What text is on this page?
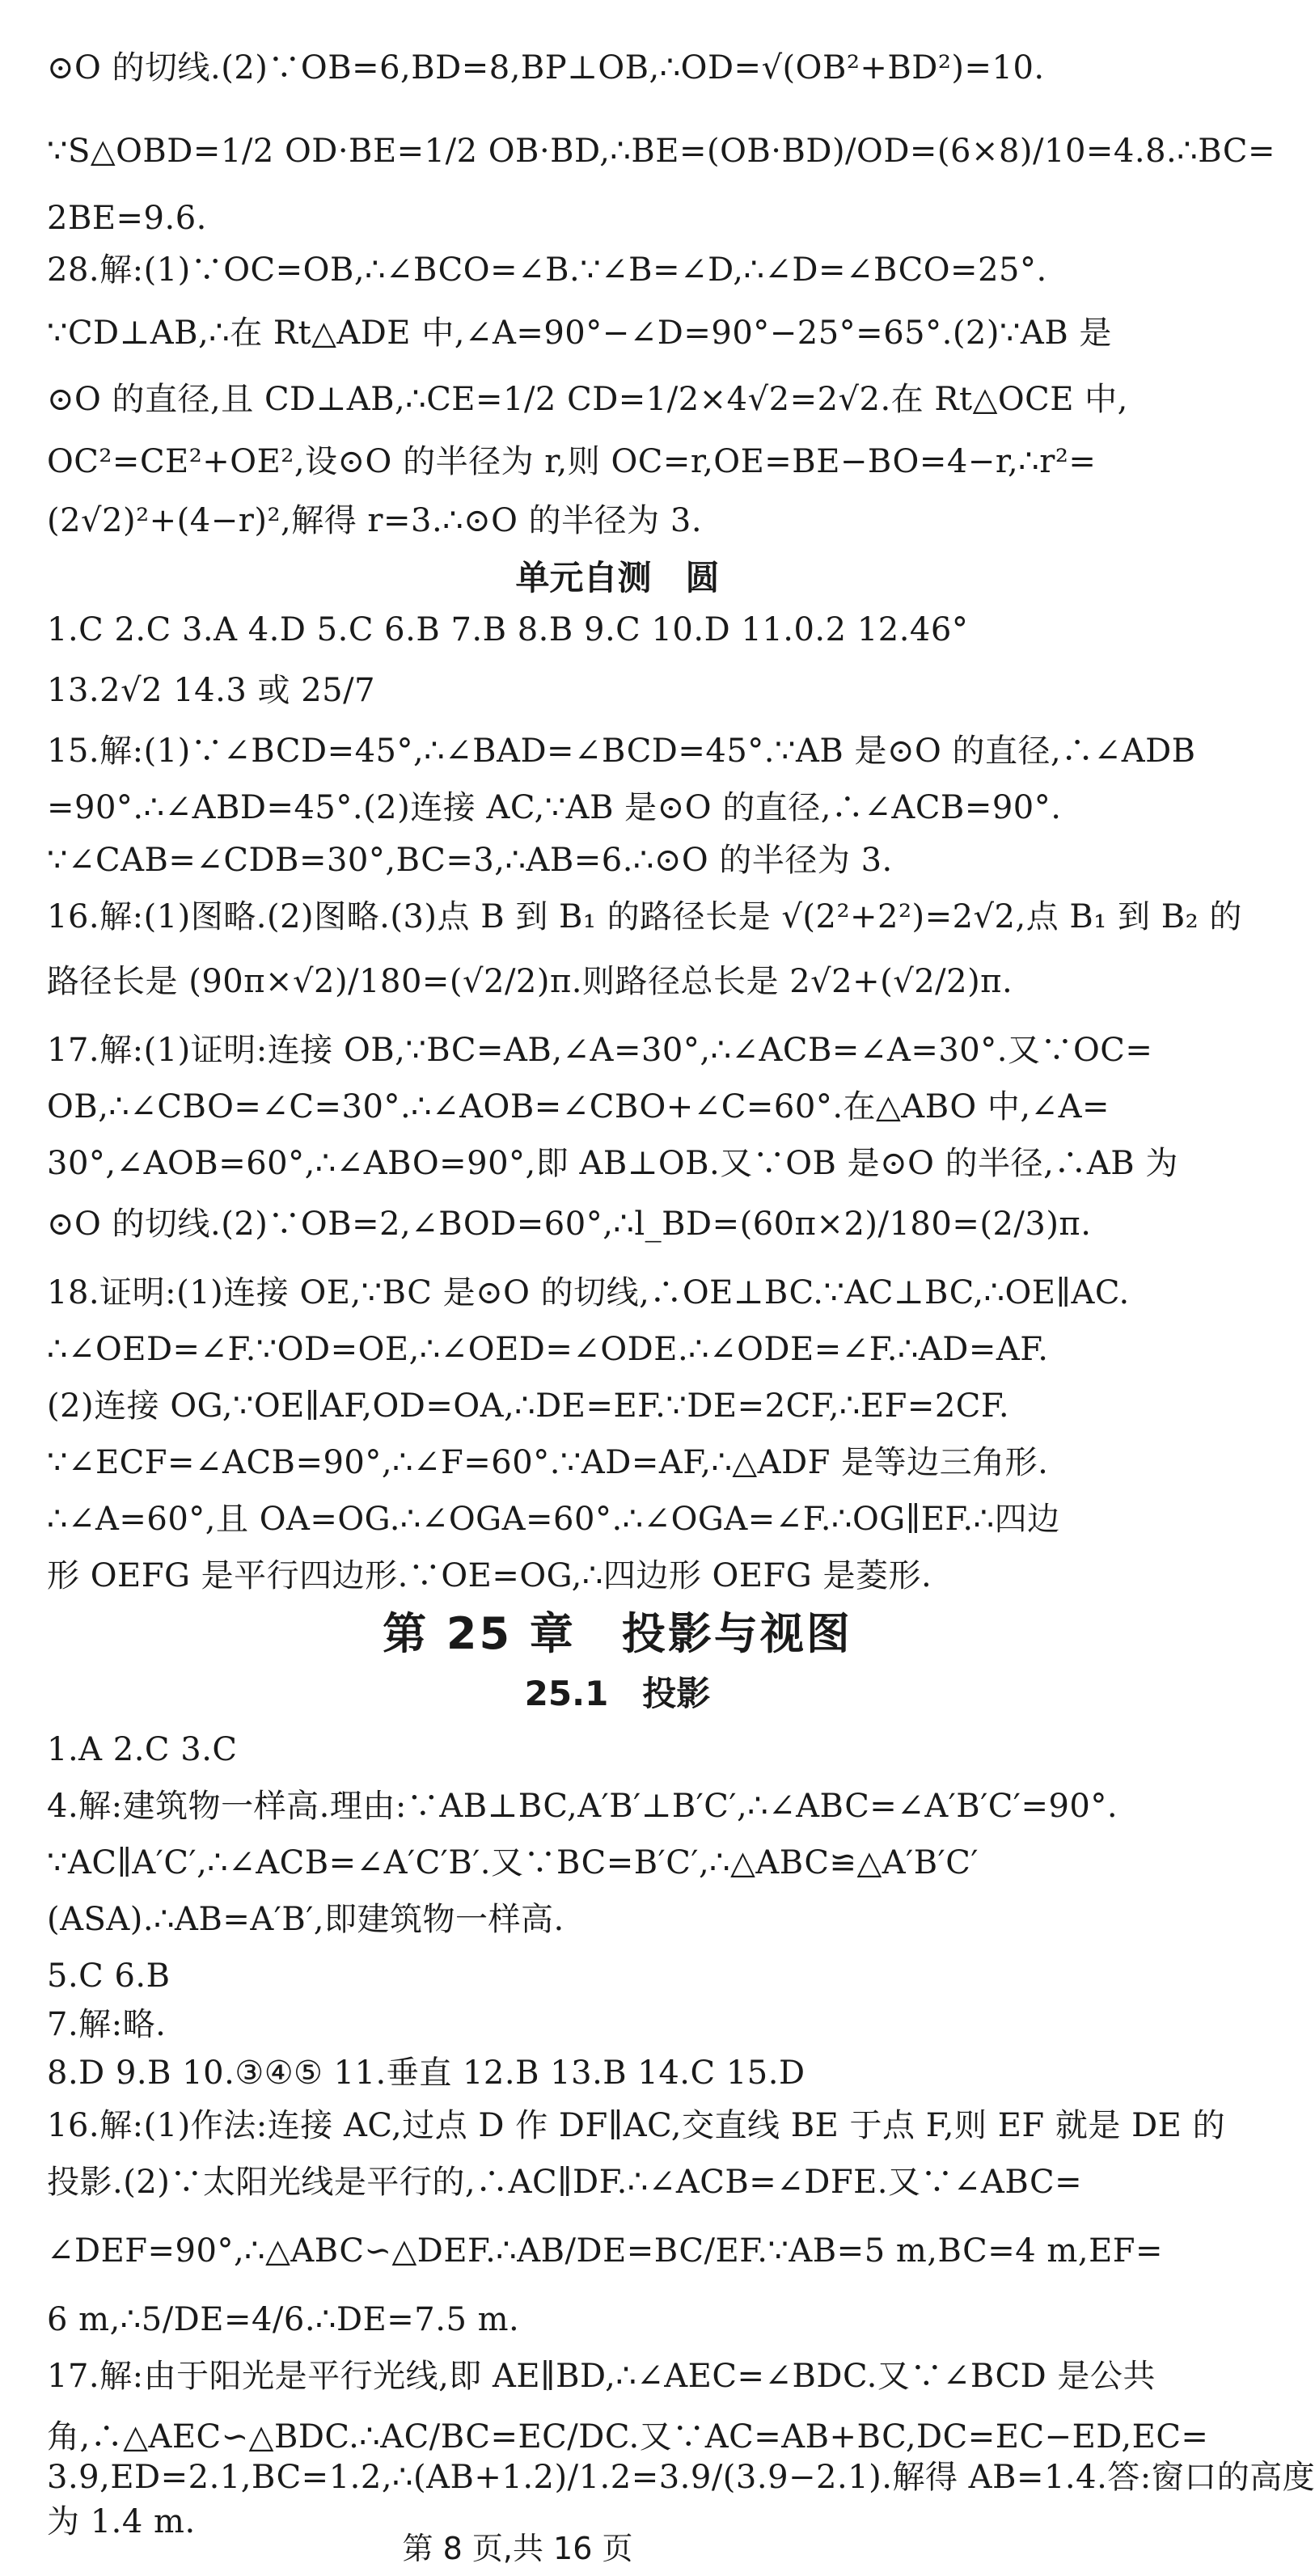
⊙O 的切线.(2)∵OB=6,BD=8,BP⊥OB,∴OD=√(OB²+BD²)=10.
∵S△OBD=1/2 OD·BE=1/2 OB·BD,∴BE=(OB·BD)/OD=(6×8)/10=4.8.∴BC=
2BE=9.6.
28.解:(1)∵OC=OB,∴∠BCO=∠B.∵∠B=∠D,∴∠D=∠BCO=25°.
∵CD⊥AB,∴在 Rt△ADE 中,∠A=90°−∠D=90°−25°=65°.(2)∵AB 是
⊙O 的直径,且 CD⊥AB,∴CE=1/2 CD=1/2×4√2=2√2.在 Rt△OCE 中,
OC²=CE²+OE²,设⊙O 的半径为 r,则 OC=r,OE=BE−BO=4−r,∴r²=
(2√2)²+(4−r)²,解得 r=3.∴⊙O 的半径为 3.
单元自测　圆
1.C 2.C 3.A 4.D 5.C 6.B 7.B 8.B 9.C 10.D 11.0.2 12.46°
13.2√2 14.3 或 25/7
15.解:(1)∵∠BCD=45°,∴∠BAD=∠BCD=45°.∵AB 是⊙O 的直径,∴∠ADB
=90°.∴∠ABD=45°.(2)连接 AC,∵AB 是⊙O 的直径,∴∠ACB=90°.
∵∠CAB=∠CDB=30°,BC=3,∴AB=6.∴⊙O 的半径为 3.
16.解:(1)图略.(2)图略.(3)点 B 到 B₁ 的路径长是 √(2²+2²)=2√2,点 B₁ 到 B₂ 的
路径长是 (90π×√2)/180=(√2/2)π.则路径总长是 2√2+(√2/2)π.
17.解:(1)证明:连接 OB,∵BC=AB,∠A=30°,∴∠ACB=∠A=30°.又∵OC=
OB,∴∠CBO=∠C=30°.∴∠AOB=∠CBO+∠C=60°.在△ABO 中,∠A=
30°,∠AOB=60°,∴∠ABO=90°,即 AB⊥OB.又∵OB 是⊙O 的半径,∴AB 为
⊙O 的切线.(2)∵OB=2,∠BOD=60°,∴l_BD=(60π×2)/180=(2/3)π.
18.证明:(1)连接 OE,∵BC 是⊙O 的切线,∴OE⊥BC.∵AC⊥BC,∴OE∥AC.
∴∠OED=∠F.∵OD=OE,∴∠OED=∠ODE.∴∠ODE=∠F.∴AD=AF.
(2)连接 OG,∵OE∥AF,OD=OA,∴DE=EF.∵DE=2CF,∴EF=2CF.
∵∠ECF=∠ACB=90°,∴∠F=60°.∵AD=AF,∴△ADF 是等边三角形.
∴∠A=60°,且 OA=OG.∴∠OGA=60°.∴∠OGA=∠F.∴OG∥EF.∴四边
形 OEFG 是平行四边形.∵OE=OG,∴四边形 OEFG 是菱形.
第 25 章　投影与视图
25.1　投影
1.A 2.C 3.C
4.解:建筑物一样高.理由:∵AB⊥BC,A′B′⊥B′C′,∴∠ABC=∠A′B′C′=90°.
∵AC∥A′C′,∴∠ACB=∠A′C′B′.又∵BC=B′C′,∴△ABC≌△A′B′C′
(ASA).∴AB=A′B′,即建筑物一样高.
5.C 6.B
7.解:略.
8.D 9.B 10.③④⑤ 11.垂直 12.B 13.B 14.C 15.D
16.解:(1)作法:连接 AC,过点 D 作 DF∥AC,交直线 BE 于点 F,则 EF 就是 DE 的
投影.(2)∵太阳光线是平行的,∴AC∥DF.∴∠ACB=∠DFE.又∵∠ABC=
∠DEF=90°,∴△ABC∽△DEF.∴AB/DE=BC/EF.∵AB=5 m,BC=4 m,EF=
6 m,∴5/DE=4/6.∴DE=7.5 m.
17.解:由于阳光是平行光线,即 AE∥BD,∴∠AEC=∠BDC.又∵∠BCD 是公共
角,∴△AEC∽△BDC.∴AC/BC=EC/DC.又∵AC=AB+BC,DC=EC−ED,EC=
3.9,ED=2.1,BC=1.2,∴(AB+1.2)/1.2=3.9/(3.9−2.1).解得 AB=1.4.答:窗口的高度
为 1.4 m.
第 8 页,共 16 页
